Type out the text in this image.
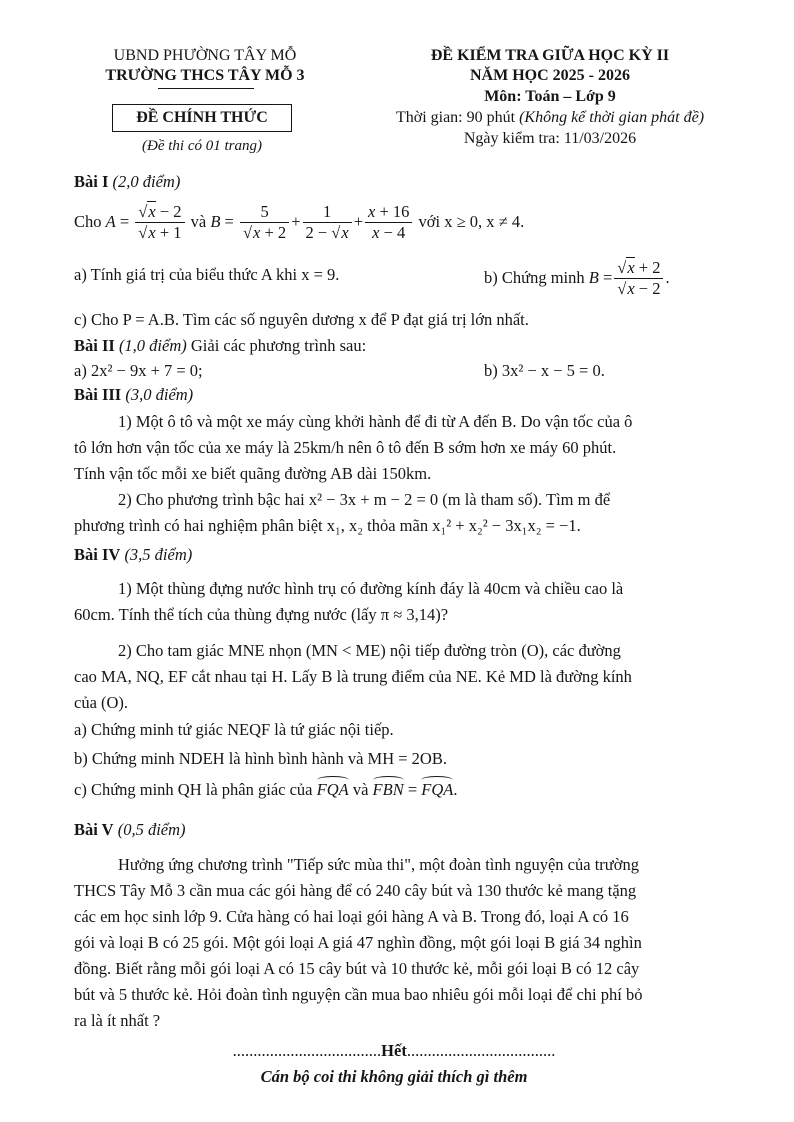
UBND PHƯỜNG TÂY MỖ
TRƯỜNG THCS TÂY MỖ 3
ĐỀ CHÍNH THỨC
(Đề thi có 01 trang)
ĐỀ KIỂM TRA GIỮA HỌC KỲ II
NĂM HỌC 2025 - 2026
Môn: Toán – Lớp 9
Thời gian: 90 phút (Không kể thời gian phát đề)
Ngày kiểm tra: 11/03/2026
Bài I (2,0 điểm)
Cho
$A = \frac{√x - 2}{√x + 1}$
và
$B = \frac{5}{√x + 2} + \frac{1}{2 - √x} + \frac{x + 16}{x - 4}$
với x ≥ 0, x ≠ 4.
a) Tính giá trị của biểu thức A khi x = 9.	b) Chứng minh
$B = \frac{√x + 2}{√x - 2}$ .
c) Cho P = A.B. Tìm các số nguyên dương x để P đạt giá trị lớn nhất.
Bài II (1,0 điểm) Giải các phương trình sau:
a) 2x² − 9x + 7 = 0;	b) 3x² − x − 5 = 0.
Bài III (3,0 điểm)
1) Một ô tô và một xe máy cùng khởi hành để đi từ A đến B. Do vận tốc của ô
tô lớn hơn vận tốc của xe máy là 25km/h nên ô tô đến B sớm hơn xe máy 60 phút.
Tính vận tốc mỗi xe biết quãng đường AB dài 150km.
2) Cho phương trình bậc hai x² − 3x + m − 2 = 0 (m là tham số). Tìm m để
phương trình có hai nghiệm phân biệt x₁, x₂ thỏa mãn x₁² + x₂² − 3x₁x₂ = −1.
Bài IV (3,5 điểm)
1) Một thùng đựng nước hình trụ có đường kính đáy là 40cm và chiều cao là
60cm. Tính thể tích của thùng đựng nước (lấy π ≈ 3,14)?
2) Cho tam giác MNE nhọn (MN < ME) nội tiếp đường tròn (O), các đường
cao MA, NQ, EF cắt nhau tại H. Lấy B là trung điểm của NE. Kẻ MD là đường kính
của (O).
a) Chứng minh tứ giác NEQF là tứ giác nội tiếp.
b) Chứng minh NDEH là hình bình hành và MH = 2OB.
c) Chứng minh QH là phân giác của FQA và FBN = FQA.
Bài V (0,5 điểm)
Hưởng ứng chương trình "Tiếp sức mùa thi", một đoàn tình nguyện của trường
THCS Tây Mỗ 3 cần mua các gói hàng để có 240 cây bút và 130 thước kẻ mang tặng
các em học sinh lớp 9. Cửa hàng có hai loại gói hàng A và B. Trong đó, loại A có 16
gói và loại B có 25 gói. Một gói loại A giá 47 nghìn đồng, một gói loại B giá 34 nghìn
đồng. Biết rằng mỗi gói loại A có 15 cây bút và 10 thước kẻ, mỗi gói loại B có 12 cây
bút và 5 thước kẻ. Hỏi đoàn tình nguyện cần mua bao nhiêu gói mỗi loại để chi phí bỏ
ra là ít nhất ?
....................................Hết....................................
Cán bộ coi thi không giải thích gì thêm
